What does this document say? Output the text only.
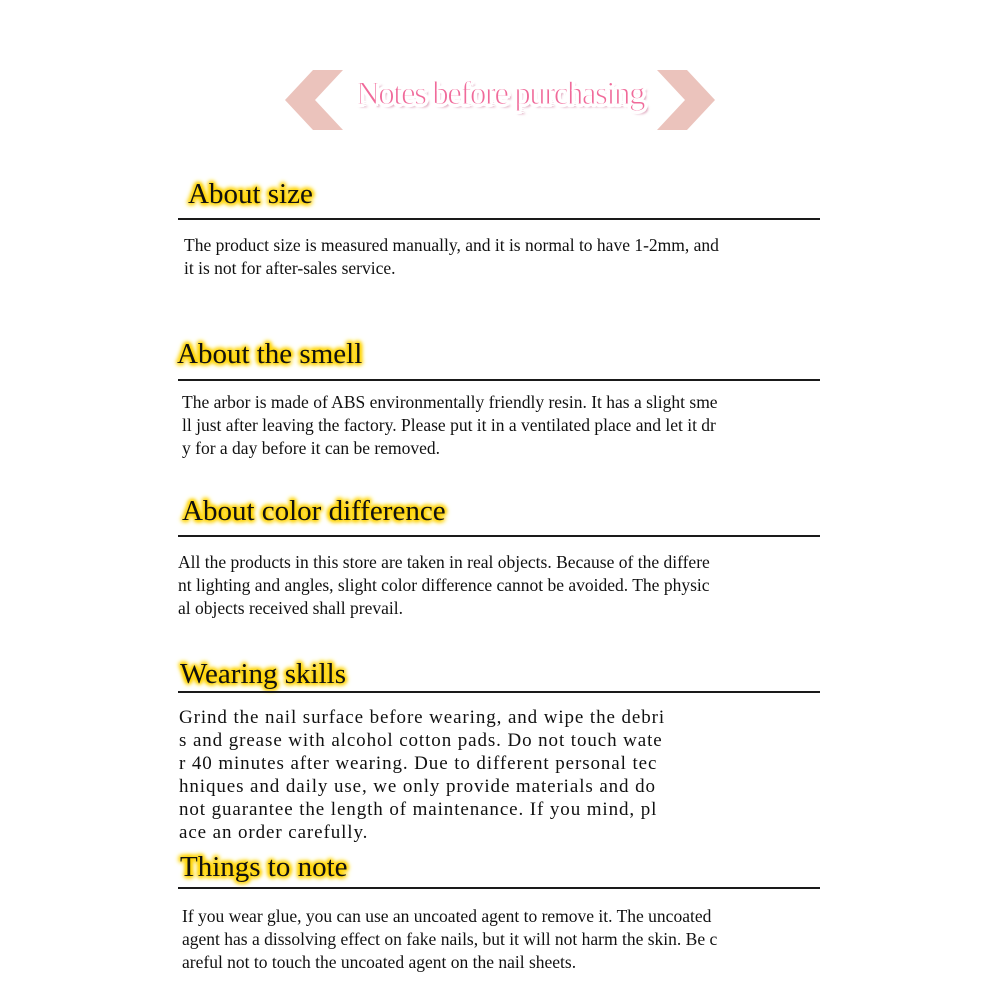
Notes before purchasing
About size
The product size is measured manually, and it is normal to have 1-2mm, and
it is not for after-sales service.
About the smell
The arbor is made of ABS environmentally friendly resin. It has a slight sme
ll just after leaving the factory. Please put it in a ventilated place and let it dr
y for a day before it can be removed.
About color difference
All the products in this store are taken in real objects. Because of the differe
nt lighting and angles, slight color difference cannot be avoided. The physic
al objects received shall prevail.
Wearing skills
Grind the nail surface before wearing, and wipe the debri
s and grease with alcohol cotton pads. Do not touch wate
r 40 minutes after wearing. Due to different personal tec
hniques and daily use, we only provide materials and do
not guarantee the length of maintenance. If you mind, pl
ace an order carefully.
Things to note
If you wear glue, you can use an uncoated agent to remove it. The uncoated
agent has a dissolving effect on fake nails, but it will not harm the skin. Be c
areful not to touch the uncoated agent on the nail sheets.
